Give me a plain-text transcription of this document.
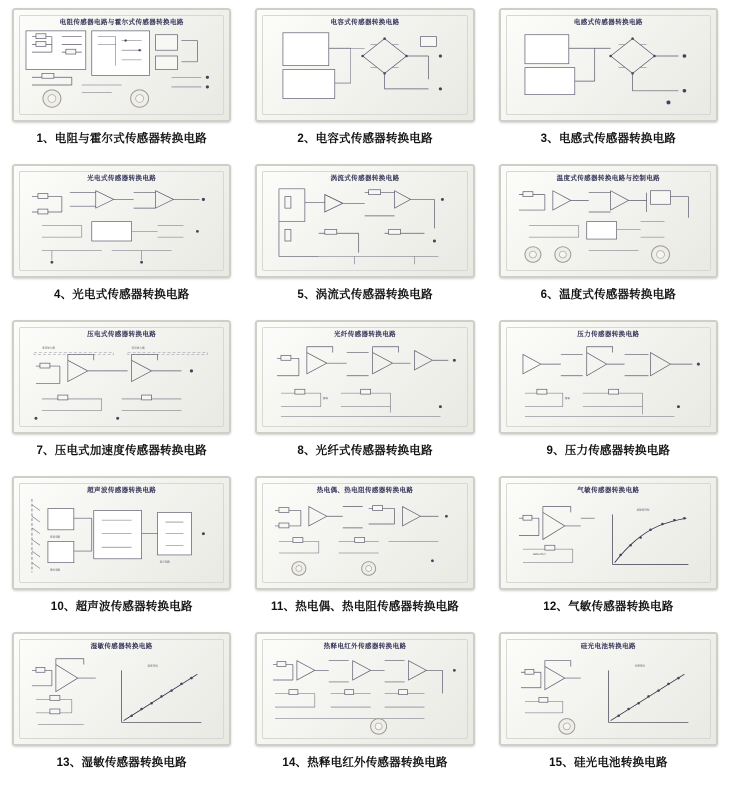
电阻传感器电路与霍尔式传感器转换电路
1、电阻与霍尔式传感器转换电路
电容式传感器转换电路
2、电容式传感器转换电路
电感式传感器转换电路
3、电感式传感器转换电路
光电式传感器转换电路
4、光电式传感器转换电路
涡流式传感器转换电路
5、涡流式传感器转换电路
温度式传感器转换电路与控制电路
6、温度式传感器转换电路
压电式传感器转换电路
电荷放大器	电压放大器
7、压电式加速度传感器转换电路
光纤传感器转换电路
调零
8、光纤式传感器转换电路
压力传感器转换电路
调零
9、压力传感器转换电路
超声波传感器转换电路
发射电路
接收电路
显示电路
10、超声波传感器转换电路
热电偶、热电阻传感器转换电路
11、热电偶、热电阻传感器转换电路
气敏传感器转换电路
LED+CO灯
灵敏度特性
12、气敏传感器转换电路
湿敏传感器转换电路
湿度特性
13、湿敏传感器转换电路
热释电红外传感器转换电路
14、热释电红外传感器转换电路
硅光电池转换电路
光照特性
15、硅光电池转换电路
